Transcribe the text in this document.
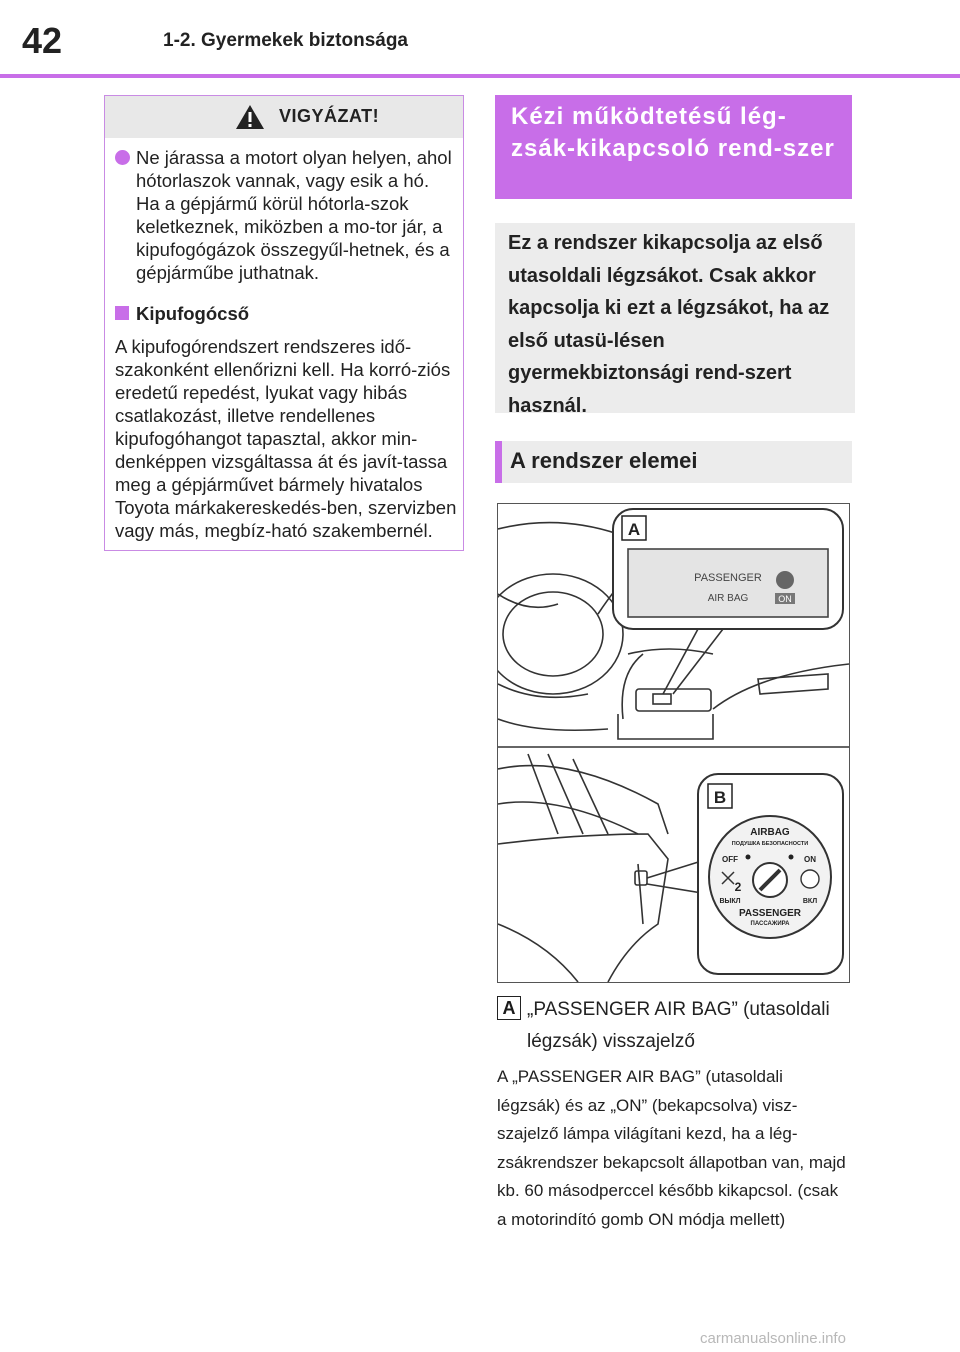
42	1-2. Gyermekek biztonsága
VIGYÁZAT!
Ne járassa a motort olyan helyen, ahol hótorlaszok vannak, vagy esik a hó. Ha a gépjármű körül hótorla-szok keletkeznek, miközben a mo-tor jár, a kipufogógázok összegyűl-hetnek, és a gépjárműbe juthatnak.
Kipufogócső
A kipufogórendszert rendszeres idő-szakonként ellenőrizni kell. Ha korró-ziós eredetű repedést, lyukat vagy hibás csatlakozást, illetve rendellenes kipufogóhangot tapasztal, akkor min-denképpen vizsgáltassa át és javít-tassa meg a gépjárművet bármely hivatalos Toyota márkakereskedés-ben, szervizben vagy más, megbíz-ható szakembernél.
Kézi működtetésű lég-zsák-kikapcsoló rend-szer
Ez a rendszer kikapcsolja az első utasoldali légzsákot. Csak akkor kapcsolja ki ezt a légzsákot, ha az első utasü-lésen gyermekbiztonsági rend-szert használ.
A rendszer elemei
A
PASSENGER
AIR BAG	ON
B
AIRBAG
ПОДУШКА БЕЗОПАСНОСТИ
OFF	ON
2
ВЫКЛ	ВКЛ
PASSENGER
ПАССАЖИРА
A „PASSENGER AIR BAG” (utasoldali légzsák) visszajelző
A „PASSENGER AIR BAG” (utasoldali légzsák) és az „ON” (bekapcsolva) visz-szajelző lámpa világítani kezd, ha a lég-zsákrendszer bekapcsolt állapotban van, majd kb. 60 másodperccel később kikapcsol. (csak a motorindító gomb ON módja mellett)
carmanualsonline.info
